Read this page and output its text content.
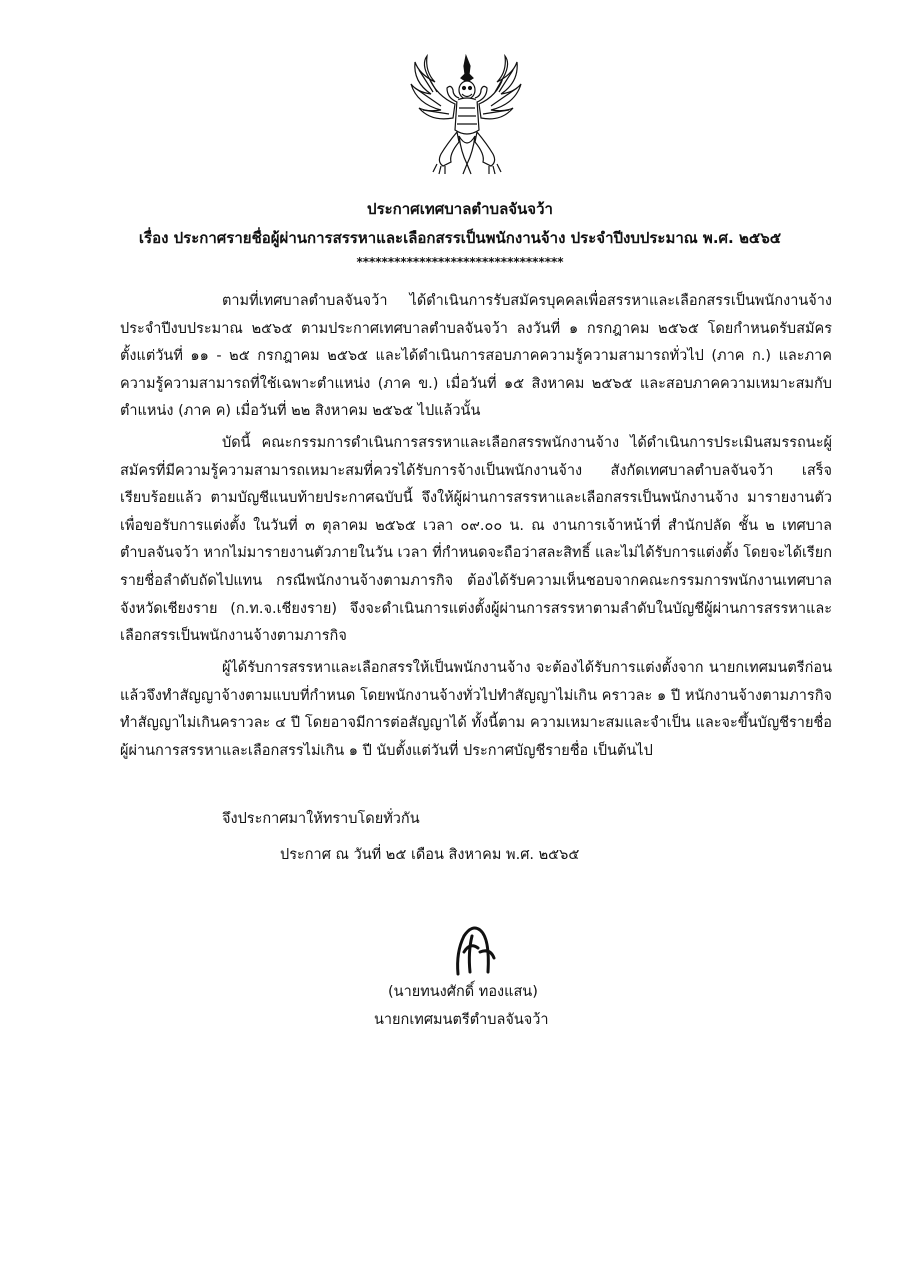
ประกาศเทศบาลตำบลจันจว้า
เรื่อง ประกาศรายชื่อผู้ผ่านการสรรหาและเลือกสรรเป็นพนักงานจ้าง ประจำปีงบประมาณ พ.ศ. ๒๕๖๕
*********************************
ตามที่เทศบาลตำบลจันจว้า ได้ดำเนินการรับสมัครบุคคลเพื่อสรรหาและเลือกสรรเป็นพนักงานจ้าง ประจำปีงบประมาณ ๒๕๖๕ ตามประกาศเทศบาลตำบลจันจว้า ลงวันที่ ๑ กรกฎาคม ๒๕๖๕ โดยกำหนดรับสมัครตั้งแต่วันที่ ๑๑ - ๒๕ กรกฎาคม ๒๕๖๕ และได้ดำเนินการสอบภาคความรู้ความสามารถทั่วไป (ภาค ก.) และภาคความรู้ความสามารถที่ใช้เฉพาะตำแหน่ง (ภาค ข.) เมื่อวันที่ ๑๕ สิงหาคม ๒๕๖๕ และสอบภาคความเหมาะสมกับตำแหน่ง (ภาค ค) เมื่อวันที่ ๒๒ สิงหาคม ๒๕๖๕ ไปแล้วนั้น
บัดนี้ คณะกรรมการดำเนินการสรรหาและเลือกสรรพนักงานจ้าง ได้ดำเนินการประเมินสมรรถนะผู้สมัครที่มีความรู้ความสามารถเหมาะสมที่ควรได้รับการจ้างเป็นพนักงานจ้าง สังกัดเทศบาลตำบลจันจว้า เสร็จเรียบร้อยแล้ว ตามบัญชีแนบท้ายประกาศฉบับนี้ จึงให้ผู้ผ่านการสรรหาและเลือกสรรเป็นพนักงานจ้าง มารายงานตัวเพื่อขอรับการแต่งตั้ง ในวันที่ ๓ ตุลาคม ๒๕๖๕ เวลา ๐๙.๐๐ น. ณ งานการเจ้าหน้าที่ สำนักปลัด ชั้น ๒ เทศบาลตำบลจันจว้า หากไม่มารายงานตัวภายในวัน เวลา ที่กำหนดจะถือว่าสละสิทธิ์ และไม่ได้รับการแต่งตั้ง โดยจะได้เรียกรายชื่อลำดับถัดไปแทน กรณีพนักงานจ้างตามภารกิจ ต้องได้รับความเห็นชอบจากคณะกรรมการพนักงานเทศบาลจังหวัดเชียงราย (ก.ท.จ.เชียงราย) จึงจะดำเนินการแต่งตั้งผู้ผ่านการสรรหาตามลำดับในบัญชีผู้ผ่านการสรรหาและเลือกสรรเป็นพนักงานจ้างตามภารกิจ
ผู้ได้รับการสรรหาและเลือกสรรให้เป็นพนักงานจ้าง จะต้องได้รับการแต่งตั้งจาก นายกเทศมนตรีก่อน แล้วจึงทำสัญญาจ้างตามแบบที่กำหนด โดยพนักงานจ้างทั่วไปทำสัญญาไม่เกิน คราวละ ๑ ปี หนักงานจ้างตามภารกิจทำสัญญาไม่เกินคราวละ ๔ ปี โดยอาจมีการต่อสัญญาได้ ทั้งนี้ตาม ความเหมาะสมและจำเป็น และจะขึ้นบัญชีรายชื่อผู้ผ่านการสรรหาและเลือกสรรไม่เกิน ๑ ปี นับตั้งแต่วันที่ ประกาศบัญชีรายชื่อ เป็นต้นไป
จึงประกาศมาให้ทราบโดยทั่วกัน
ประกาศ ณ วันที่ ๒๕ เดือน สิงหาคม พ.ศ. ๒๕๖๕
(นายทนงศักดิ์ ทองแสน)
นายกเทศมนตรีตำบลจันจว้า
